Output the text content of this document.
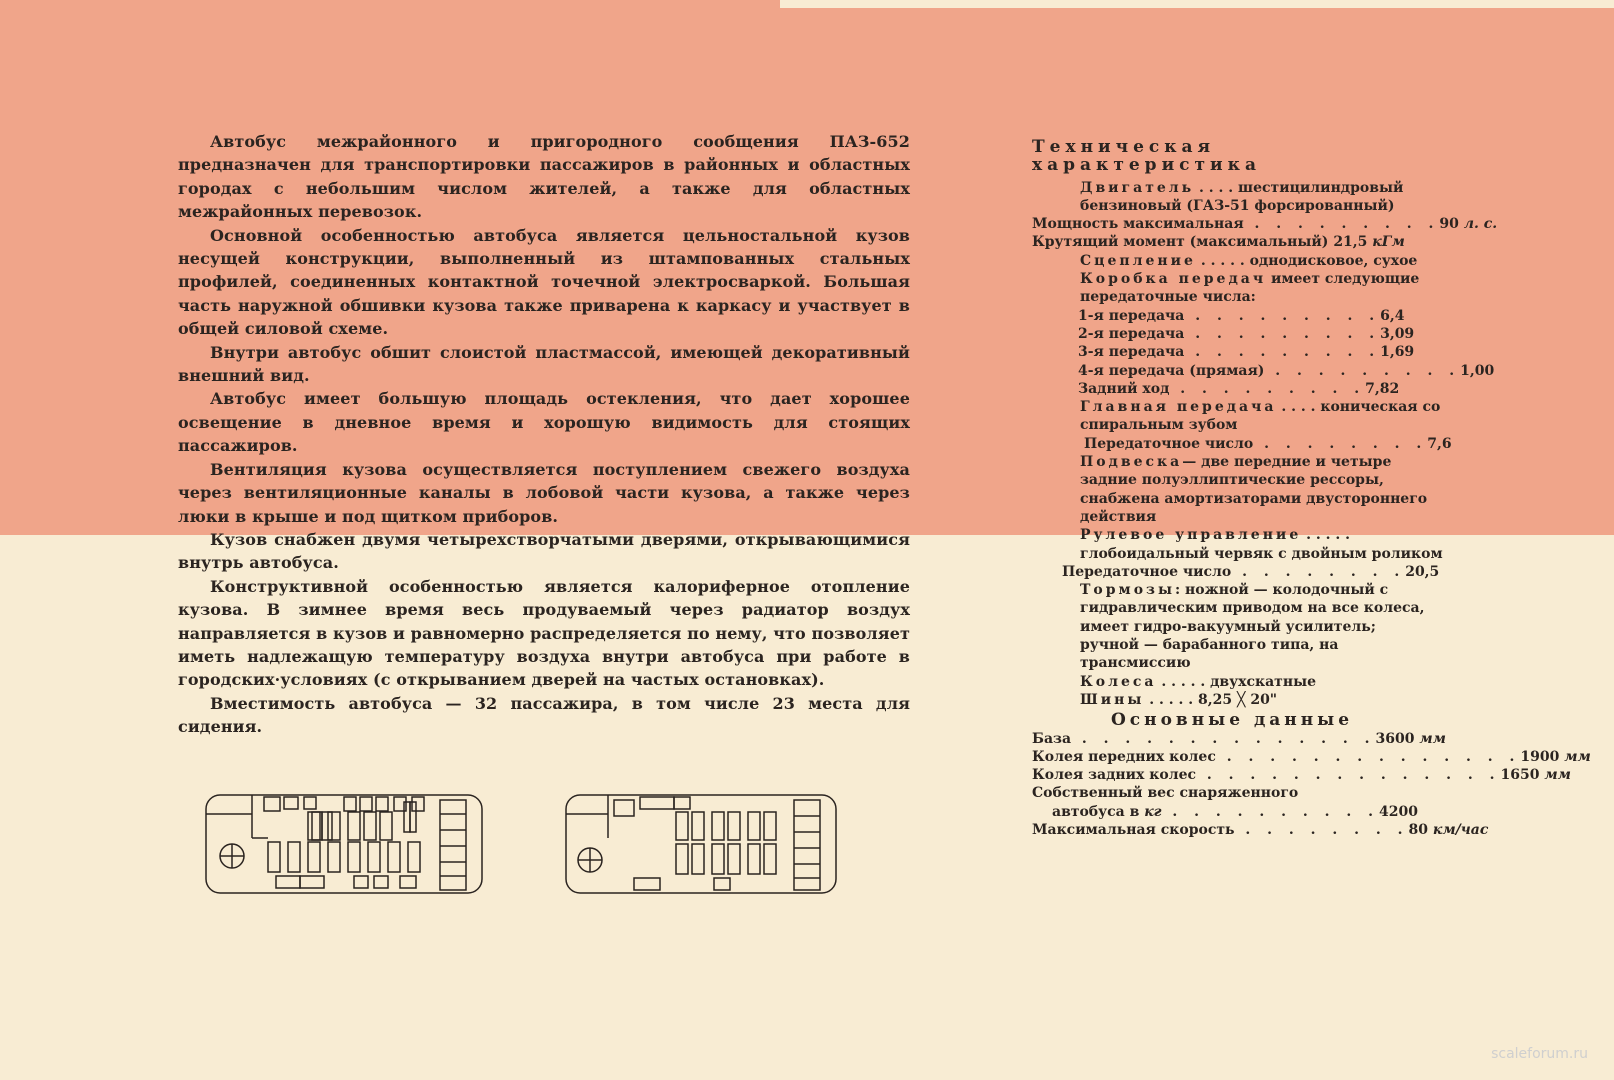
Автобус межрайонного и пригородного сообщения ПАЗ-652 предназначен для транспортировки пассажиров в районных и областных городах с небольшим числом жителей, а также для областных межрайонных перевозок.

Основной особенностью автобуса является цельностальной кузов несущей конструкции, выполненный из штампованных стальных профилей, соединенных контактной точечной электросваркой. Большая часть наружной обшивки кузова также приварена к каркасу и участвует в общей силовой схеме.

Внутри автобус обшит слоистой пластмассой, имеющей декоративный внешний вид.

Автобус имеет большую площадь остекления, что дает хорошее освещение в дневное время и хорошую видимость для стоящих пассажиров.

Вентиляция кузова осуществляется поступлением свежего воздуха через вентиляционные каналы в лобовой части кузова, а также через люки в крыше и под щитком приборов.

Кузов снабжен двумя четырехстворчатыми дверями, открывающимися внутрь автобуса.

Конструктивной особенностью является калориферное отопление кузова. В зимнее время весь продуваемый через радиатор воздух направляется в кузов и равномерно распределяется по нему, что позволяет иметь надлежащую температуру воздуха внутри автобуса при работе в городских·условиях (с открыванием дверей на частых остановках).

Вместимость автобуса — 32 пассажира, в том числе 23 места для сидения.

Техническая характеристика
Двигатель . . . . шестицилиндровый бензиновый (ГАЗ-51 форсированный)
Мощность максимальная . . . . . . . . . 90
л. с.
Крутящий момент (максимальный)
21,5
кГм
Сцепление . . . . . однодисковое, сухое
Коробка передач имеет следующие передаточные числа:
1-я передача . . . . . . . . . 6,4
2-я передача . . . . . . . . . 3,09
3-я передача . . . . . . . . . 1,69
4-я передача (прямая) . . . . . . . . . 1,00
Задний ход . . . . . . . . . 7,82
Главная передача . . . . коническая со спиральным зубом
Передаточное число . . . . . . . . 7,6
Подвеска— две передние и четыре задние полуэллиптические рессоры, снабжена амортизаторами двустороннего действия
Рулевое управление . . . . . глобоидальный червяк с двойным роликом
Передаточное число . . . . . . . . 20,5
Тормозы: ножной — колодочный с гидравлическим приводом на все колеса, имеет гидро-вакуумный усилитель;
ручной — барабанного типа, на трансмиссию
Колеса . . . . . двухскатные
Шины . . . . . 8,25 ╳ 20"
Основные данные
База . . . . . . . . . . . . . . 3600
мм
Колея передних колес . . . . . . . . . . . . . . 1900
мм
Колея задних колес . . . . . . . . . . . . . . 1650
мм
Собственный вес снаряженного
автобуса в
кг . . . . . . . . . . 4200
Максимальная скорость . . . . . . . . 80
км/час
scaleforum.ru
